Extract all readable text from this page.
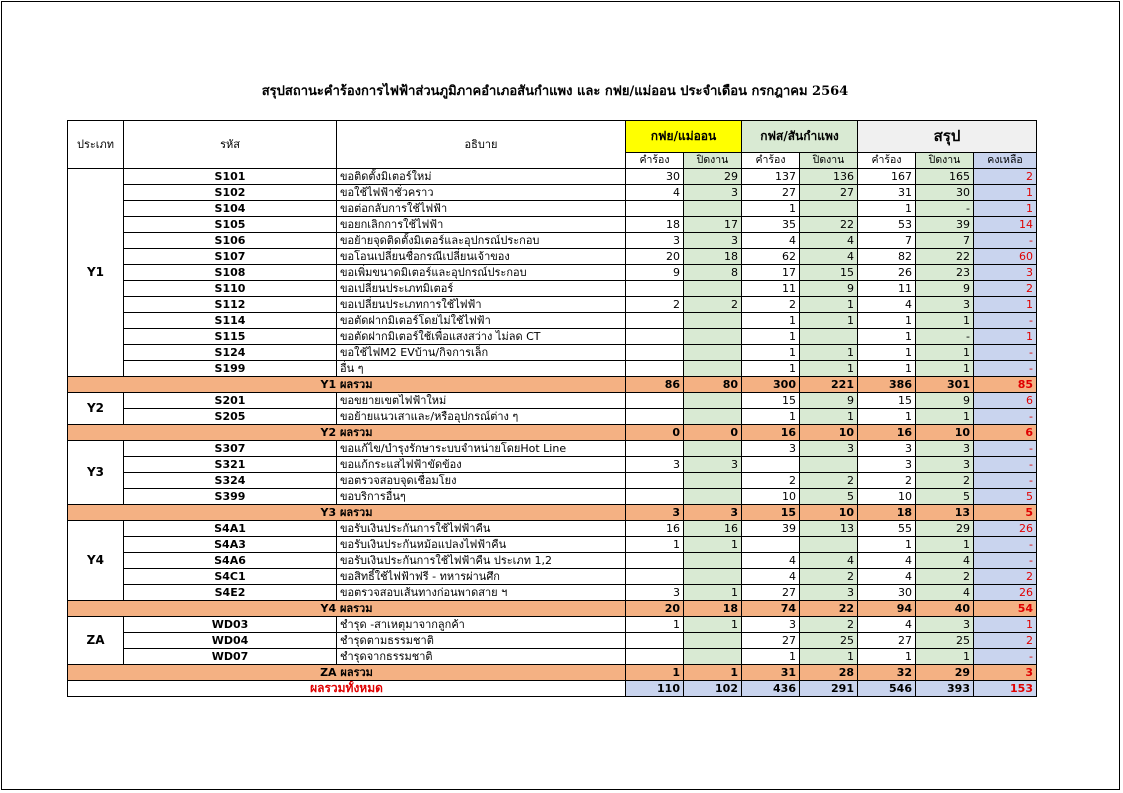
สรุปสถานะคำร้องการไฟฟ้าส่วนภูมิภาคอำเภอสันกำแพง และ กฟย/แม่ออน ประจำเดือน กรกฎาคม 2564
ประเภท	รหัส	อธิบาย	กฟย/แม่ออน		กฟส/สันกำแพง		สรุป		
			คำร้อง	ปิดงาน	คำร้อง	ปิดงาน	คำร้อง	ปิดงาน	คงเหลือ
Y1	S101	ขอติดตั้งมิเตอร์ใหม่	30	29	137	136	167	165	2
	S102	ขอใช้ไฟฟ้าชั่วคราว	4	3	27	27	31	30	1
	S104	ขอต่อกลับการใช้ไฟฟ้า			1		1	-	1
	S105	ขอยกเลิกการใช้ไฟฟ้า	18	17	35	22	53	39	14
	S106	ขอย้ายจุดติดตั้งมิเตอร์และอุปกรณ์ประกอบ	3	3	4	4	7	7	-
	S107	ขอโอนเปลี่ยนชื่อกรณีเปลี่ยนเจ้าของ	20	18	62	4	82	22	60
	S108	ขอเพิ่มขนาดมิเตอร์และอุปกรณ์ประกอบ	9	8	17	15	26	23	3
	S110	ขอเปลี่ยนประเภทมิเตอร์			11	9	11	9	2
	S112	ขอเปลี่ยนประเภทการใช้ไฟฟ้า	2	2	2	1	4	3	1
	S114	ขอตัดฝากมิเตอร์โดยไม่ใช้ไฟฟ้า			1	1	1	1	-
	S115	ขอตัดฝากมิเตอร์ใช้เพื่อแสงสว่าง ไม่ลด CT			1		1	-	1
	S124	ขอใช้ไฟM2 EVบ้าน/กิจการเล็ก			1	1	1	1	-
	S199	อื่น ๆ			1	1	1	1	-
Y1 ผลรวม			86	80	300	221	386	301	85
Y2	S201	ขอขยายเขตไฟฟ้าใหม่			15	9	15	9	6
	S205	ขอย้ายแนวเสาและ/หรืออุปกรณ์ต่าง ๆ			1	1	1	1	-
Y2 ผลรวม			0	0	16	10	16	10	6
Y3	S307	ขอแก้ไข/บำรุงรักษาระบบจำหน่ายโดยHot Line			3	3	3	3	-
	S321	ขอแก้กระแสไฟฟ้าขัดข้อง	3	3			3	3	-
	S324	ขอตรวจสอบจุดเชื่อมโยง			2	2	2	2	-
	S399	ขอบริการอื่นๆ			10	5	10	5	5
Y3 ผลรวม			3	3	15	10	18	13	5
Y4	S4A1	ขอรับเงินประกันการใช้ไฟฟ้าคืน	16	16	39	13	55	29	26
	S4A3	ขอรับเงินประกันหม้อแปลงไฟฟ้าคืน	1	1			1	1	-
	S4A6	ขอรับเงินประกันการใช้ไฟฟ้าคืน ประเภท 1,2			4	4	4	4	-
	S4C1	ขอสิทธิ์ใช้ไฟฟ้าฟรี - ทหารผ่านศึก			4	2	4	2	2
	S4E2	ขอตรวจสอบเส้นทางก่อนพาดสาย ฯ	3	1	27	3	30	4	26
Y4 ผลรวม			20	18	74	22	94	40	54
ZA	WD03	ชำรุด -สาเหตุมาจากลูกค้า	1	1	3	2	4	3	1
	WD04	ชำรุดตามธรรมชาติ			27	25	27	25	2
	WD07	ชำรุดจากธรรมชาติ			1	1	1	1	-
ZA ผลรวม			1	1	31	28	32	29	3
ผลรวมทั้งหมด			110	102	436	291	546	393	153
